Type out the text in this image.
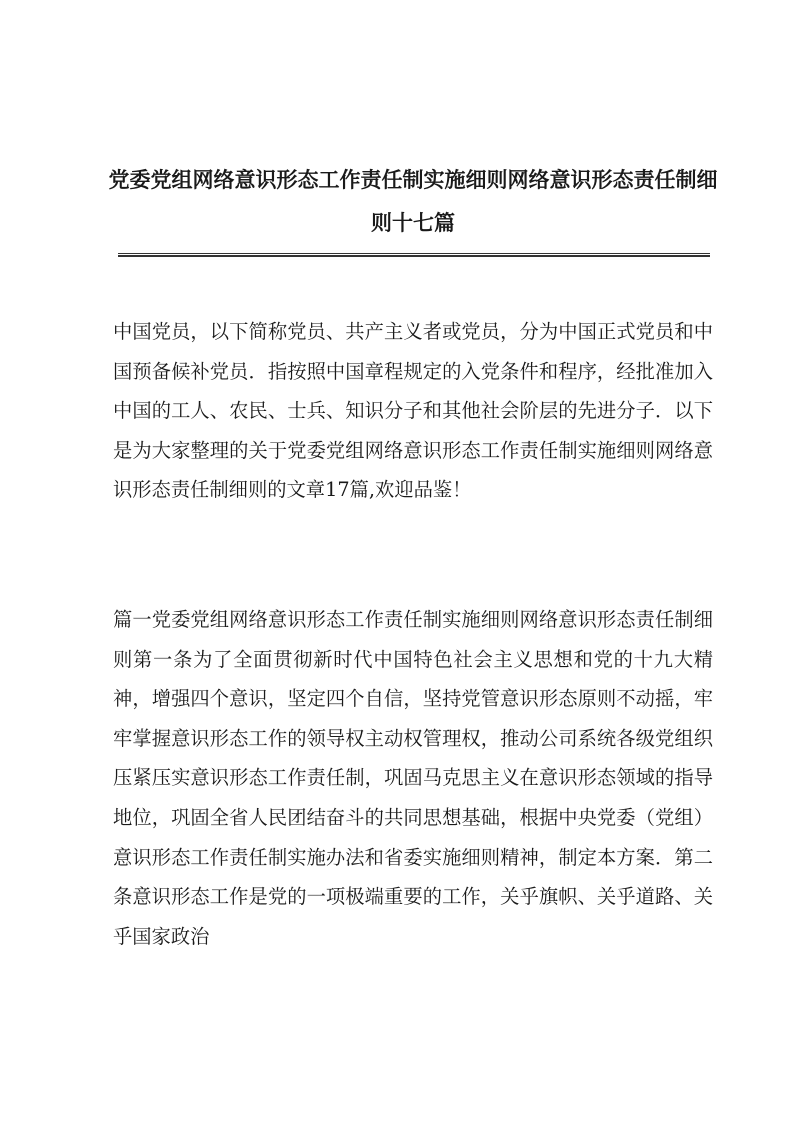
党委党组网络意识形态工作责任制实施细则网络意识形态责任制细则十七篇
中国党员，以下简称党员、共产主义者或党员，分为中国正式党员和中国预备候补党员．指按照中国章程规定的入党条件和程序，经批准加入中国的工人、农民、士兵、知识分子和其他社会阶层的先进分子．以下是为大家整理的关于党委党组网络意识形态工作责任制实施细则网络意识形态责任制细则的文章17篇,欢迎品鉴！
篇一党委党组网络意识形态工作责任制实施细则网络意识形态责任制细则第一条为了全面贯彻新时代中国特色社会主义思想和党的十九大精神，增强四个意识，坚定四个自信，坚持党管意识形态原则不动摇，牢牢掌握意识形态工作的领导权主动权管理权，推动公司系统各级党组织压紧压实意识形态工作责任制，巩固马克思主义在意识形态领域的指导地位，巩固全省人民团结奋斗的共同思想基础，根据中央党委（党组）意识形态工作责任制实施办法和省委实施细则精神，制定本方案．第二条意识形态工作是党的一项极端重要的工作，关乎旗帜、关乎道路、关乎国家政治
